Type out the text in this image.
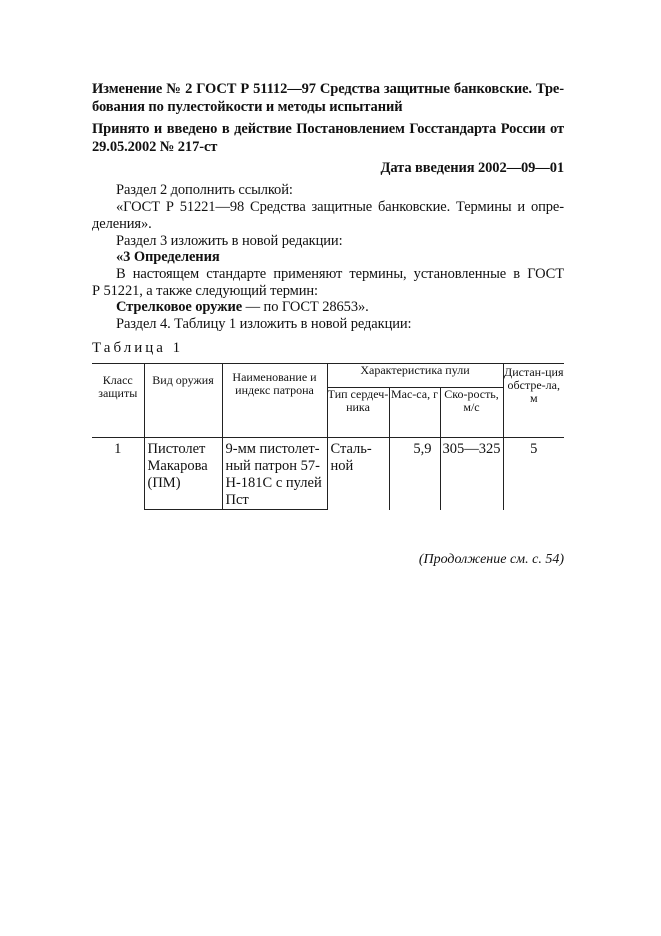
Изменение № 2 ГОСТ Р 51112—97 Средства защитные банковские. Тре-

бования по пулестойкости и методы испытаний

Принято и введено в действие Постановлением Госстандарта России от

29.05.2002 № 217-ст

Дата введения 2002—09—01

Раздел 2 дополнить ссылкой:

«ГОСТ Р 51221—98 Средства защитные банковские. Термины и опре-

деления».

Раздел 3 изложить в новой редакции:

«3 Определения

В настоящем стандарте применяют термины, установленные в ГОСТ

Р 51221, а также следующий термин:

Стрелковое оружие — по ГОСТ 28653».

Раздел 4. Таблицу 1 изложить в новой редакции:

Таблица 1

Класс защиты	Вид оружия	Наименование и индекс патрона	Характеристика пули			Дистан-ция обстре-ла, м
			Тип сердеч-ника	Мас-са, г	Ско-рость, м/с	
1	Пистолет Макарова (ПМ)	9-мм пистолет-ный патрон 57-Н-181С с пулей Пст	Сталь-ной	5,9	305—325	5

(Продолжение см. с. 54)
